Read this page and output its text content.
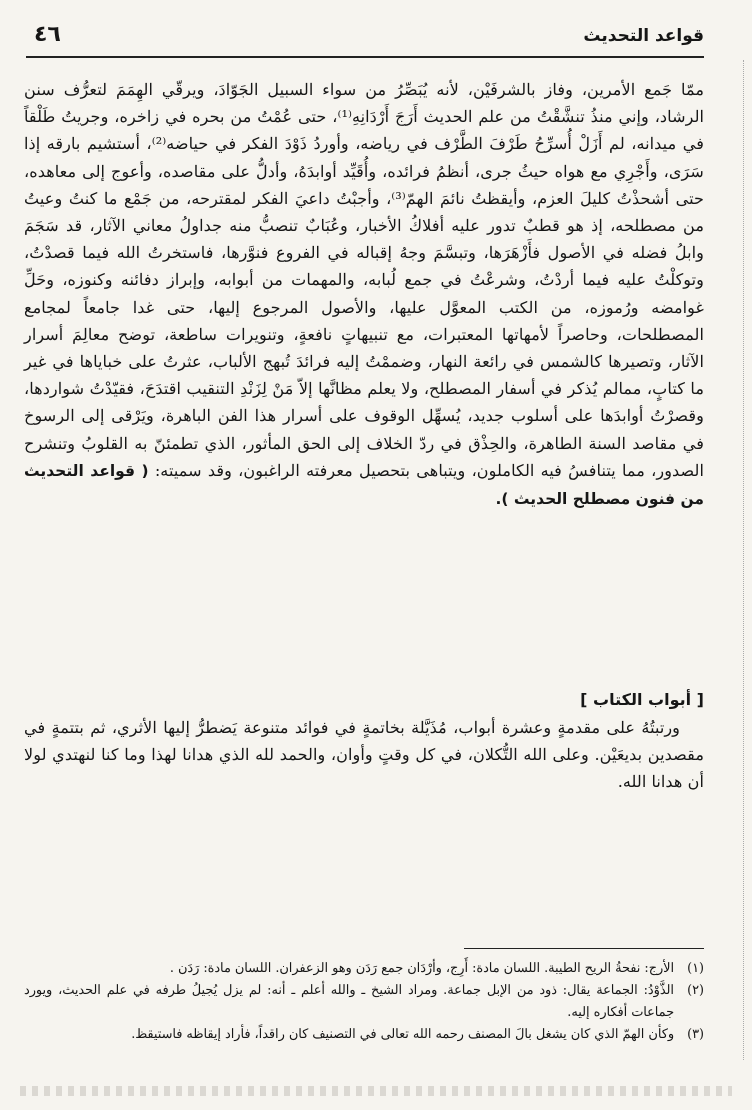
قواعد التحديث
٤٦

ممّا جَمع الأمرين، وفاز بالشرفَيْن، لأنه يُبَصِّرُ من سواء السبيل الجَوّادَ، ويرقّي الهِمَمَ لتعرُّف سنن الرشاد، وإني منذُ تنشَّقْتُ من علم الحديث أَرَجَ أَرْدَانِهِ⁽¹⁾، حتى عُمْتُ من بحره في زاخره، وجريتُ طَلْقاً في ميدانه، لم أَزَلْ أُسرِّحُ طَرْفَ الطَّرْف في رياضه، وأوردُ ذَوْدَ الفكر في حياضه⁽²⁾، أستشيم بارقه إذا سَرَى، وأَجْرِي مع هواه حيثُ جرى، أنظمُ فرائده، وأُقَيِّد أوابدَهُ، وأدلُّ على مقاصده، وأعوج إلى معاهده، حتى أشحذْتُ كليلَ العزم، وأيقظتُ نائمَ الهمّ⁽³⁾، وأجبْتُ داعيَ الفكر لمقترحه، من جَمْع ما كنتُ وعيتُ من مصطلحه، إذ هو قطبٌ تدور عليه أفلاكُ الأخبار، وعُبَابٌ تنصبُّ منه جداولُ معاني الآثار، قد سَجَمَ وابلُ فضله في الأصول فأَزْهَرَها، وتبسَّمَ وجهُ إقباله في الفروع فنوَّرها، فاستخرتُ الله فيما قصدْتُ، وتوكلْتُ عليه فيما أردْتُ، وشرعْتُ في جمع لُبابه، والمهمات من أبوابه، وإبراز دفائنه وكنوزه، وحَلِّ غوامضه ورُموزه، من الكتب المعوَّل عليها، والأصول المرجوع إليها، حتى غدا جامعاً لمجامع المصطلحات، وحاصراً لأمهاتها المعتبرات، مع تنبيهاتٍ نافعةٍ، وتنويرات ساطعة، توضح معالِمَ أسرار الآثار، وتصيرها كالشمس في رائعة النهار، وضممْتُ إليه فرائدَ تُبهج الألباب، عثرتُ على خباياها في غير ما كتابٍ، ممالم يُذكر في أسفار المصطلح، ولا يعلم مظانَّها إلاّ مَنْ لِزَنْدِ التنقيب اقتدَحَ، فقيّدْتُ شواردها، وقصرْتُ أوابدَها على أسلوب جديد، يُسهِّل الوقوف على أسرار هذا الفن الباهرة، ويَرْقى إلى الرسوخ في مقاصد السنة الطاهرة، والحِذْق في ردّ الخلاف إلى الحق المأثور، الذي تطمئنّ به القلوبُ وتنشرح الصدور، مما يتنافسُ فيه الكاملون، ويتباهى بتحصيل معرفته الراغبون، وقد سميته: ( قواعد التحديث من فنون مصطلح الحديث ).

[ أبواب الكتاب ]

ورتبتُهُ على مقدمةٍ وعشرة أبواب، مُذَيَّلة بخاتمةٍ في فوائد متنوعة يَضطرُّ إليها الأثري، ثم بتتمةٍ في مقصدين بديعَيْن. وعلى الله التُّكلان، في كل وقتٍ وأوان، والحمد لله الذي هدانا لهذا وما كنا لنهتدي لولا أن هدانا الله.

(١)
الأرج: نفحةُ الريح الطيبة. اللسان مادة: أَرِج، وأرْدَان جمع رَدَن وهو الزعفران. اللسان مادة: رَدَن .
(٢)
الذَّوْدُ: الجماعة يقال: ذود من الإبل جماعة. ومراد الشيخ ـ والله أعلم ـ أنه: لم يزل يُجيلُ طرفه في علم الحديث، ويورد جماعات أفكاره إليه.
(٣)
وكأن الهمّ الذي كان يشغل بالَ المصنف رحمه الله تعالى في التصنيف كان راقداً، فأراد إيقاظه فاستيقظ.
